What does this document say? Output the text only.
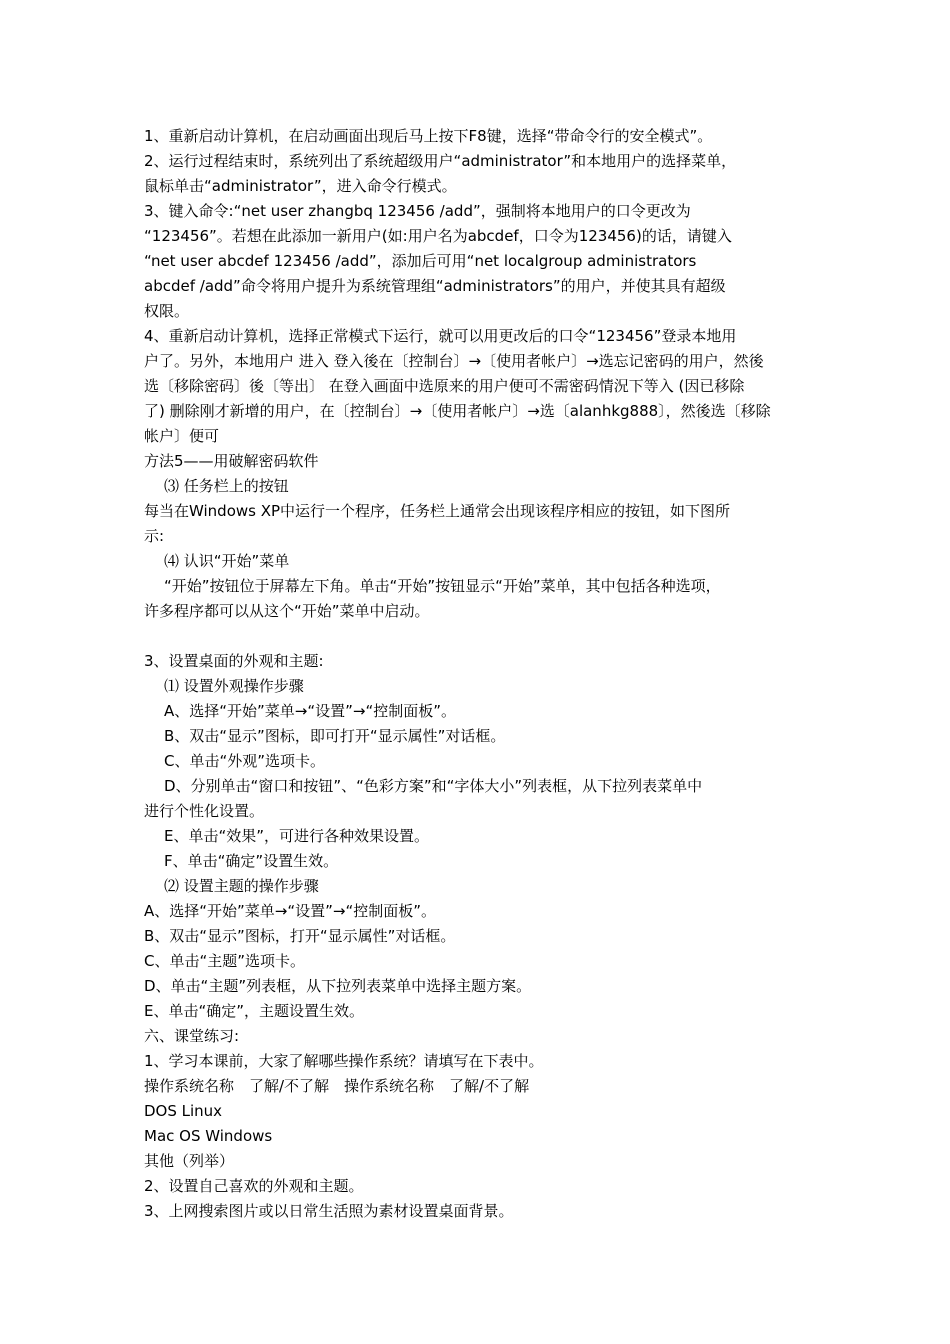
1、重新启动计算机，在启动画面出现后马上按下F8键，选择“带命令行的安全模式”。

2、运行过程结束时，系统列出了系统超级用户“administrator”和本地用户的选择菜单，

鼠标单击“administrator”，进入命令行模式。

3、键入命令:“net user zhangbq 123456 /add”，强制将本地用户的口令更改为

“123456”。若想在此添加一新用户(如:用户名为abcdef，口令为123456)的话，请键入

“net user abcdef 123456 /add”，添加后可用“net localgroup administrators

abcdef /add”命令将用户提升为系统管理组“administrators”的用户，并使其具有超级

权限。

4、重新启动计算机，选择正常模式下运行，就可以用更改后的口令“123456”登录本地用

户了。另外，本地用户 进入 登入後在〔控制台〕→〔使用者帐户〕→选忘记密码的用户，然後

选〔移除密码〕後〔等出〕 在登入画面中选原来的用户便可不需密码情況下等入 (因已移除

了) 删除刚才新增的用户，在〔控制台〕→〔使用者帐户〕→选〔alanhkg888〕，然後选〔移除

帐户〕便可

方法5——用破解密码软件

⑶ 任务栏上的按钮

每当在Windows XP中运行一个程序，任务栏上通常会出现该程序相应的按钮，如下图所

示:

⑷ 认识“开始”菜单

“开始”按钮位于屏幕左下角。单击“开始”按钮显示“开始”菜单，其中包括各种选项，

许多程序都可以从这个“开始”菜单中启动。

3、设置桌面的外观和主题:

⑴ 设置外观操作步骤

A、选择“开始”菜单→“设置”→“控制面板”。

B、双击“显示”图标，即可打开“显示属性”对话框。

C、单击“外观”选项卡。

D、分别单击“窗口和按钮”、“色彩方案”和“字体大小”列表框，从下拉列表菜单中

进行个性化设置。

E、单击“效果”，可进行各种效果设置。

F、单击“确定”设置生效。

⑵ 设置主题的操作步骤

A、选择“开始”菜单→“设置”→“控制面板”。

B、双击“显示”图标，打开“显示属性”对话框。

C、单击“主题”选项卡。

D、单击“主题”列表框，从下拉列表菜单中选择主题方案。

E、单击“确定”，主题设置生效。

六、课堂练习:

1、学习本课前，大家了解哪些操作系统？请填写在下表中。

操作系统名称　了解/不了解　操作系统名称　了解/不了解

DOS Linux

Mac OS Windows

其他（列举）

2、设置自己喜欢的外观和主题。

3、上网搜索图片或以日常生活照为素材设置桌面背景。
